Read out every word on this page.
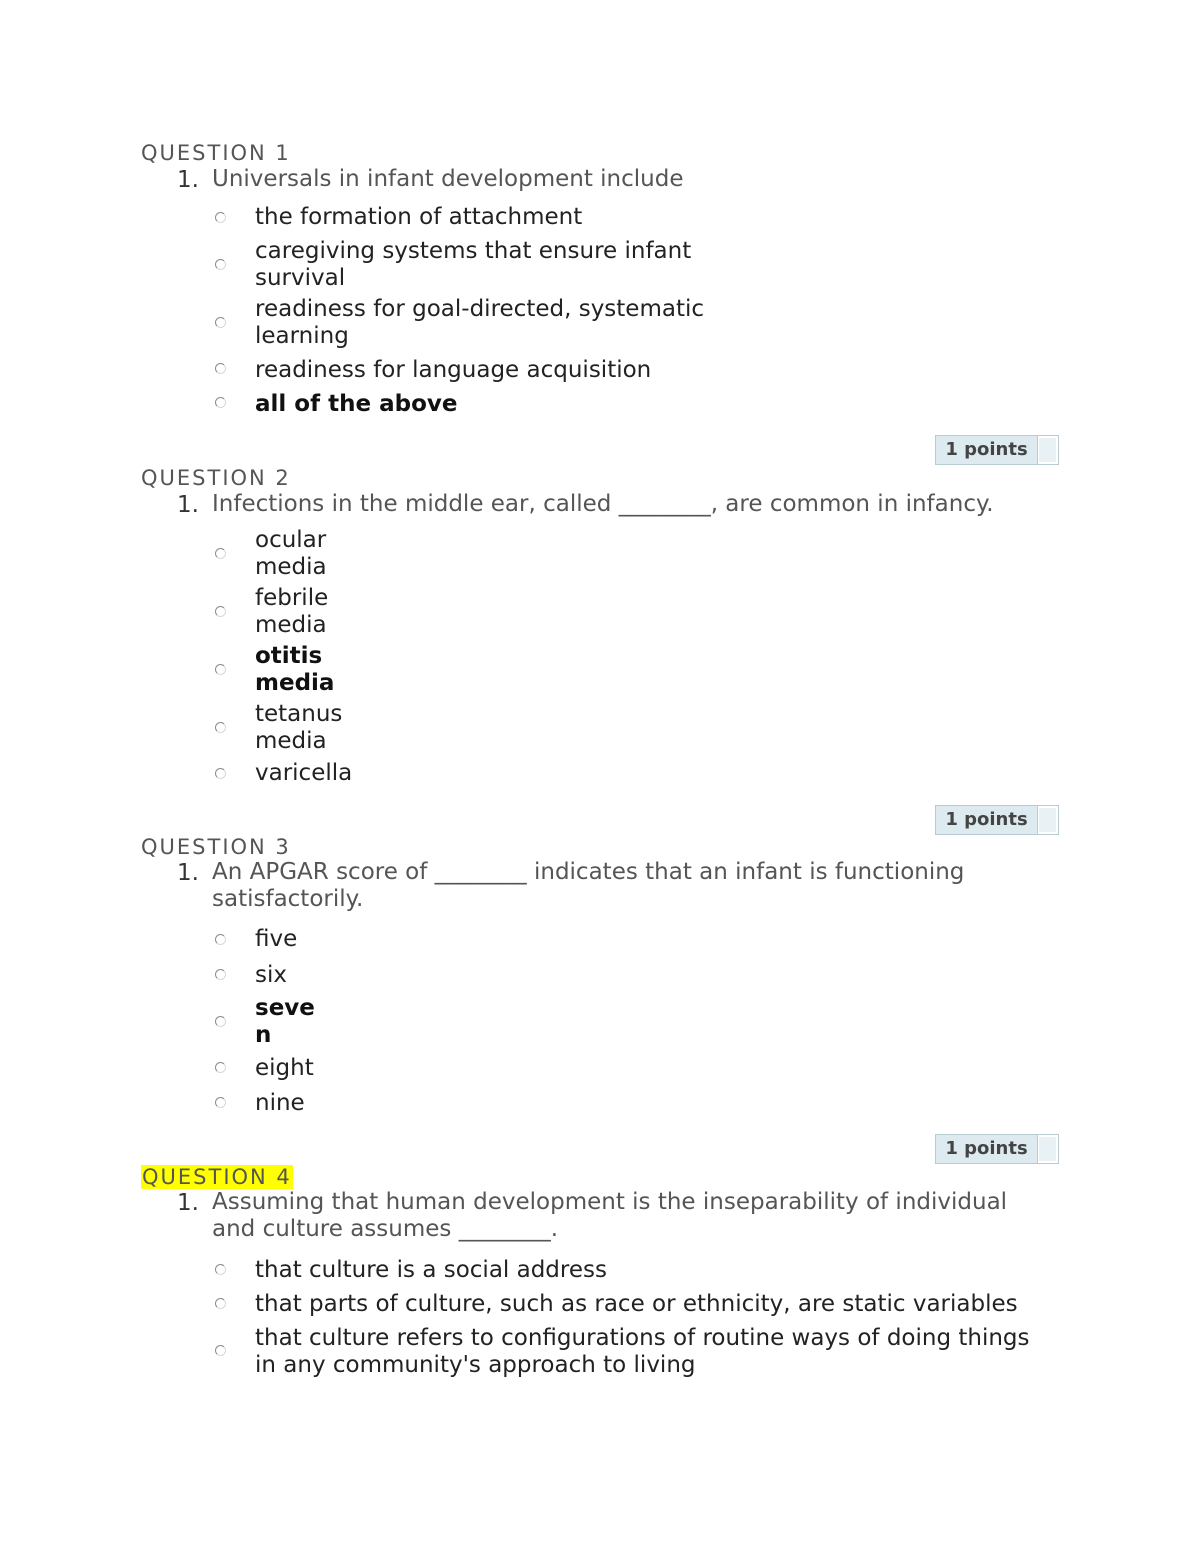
QUESTION 1
1. Universals in infant development include
the formation of attachment
caregiving systems that ensure infant
survival
readiness for goal-directed, systematic
learning
readiness for language acquisition
all of the above
1 points
QUESTION 2
1. Infections in the middle ear, called ________, are common in infancy.
ocular
media
febrile
media
otitis
media
tetanus
media
varicella
1 points
QUESTION 3
1. An APGAR score of ________ indicates that an infant is functioning
satisfactorily.
five
six
seve
n
eight
nine
1 points
QUESTION 4
1. Assuming that human development is the inseparability of individual
and culture assumes ________.
that culture is a social address
that parts of culture, such as race or ethnicity, are static variables
that culture refers to configurations of routine ways of doing things
in any community's approach to living
